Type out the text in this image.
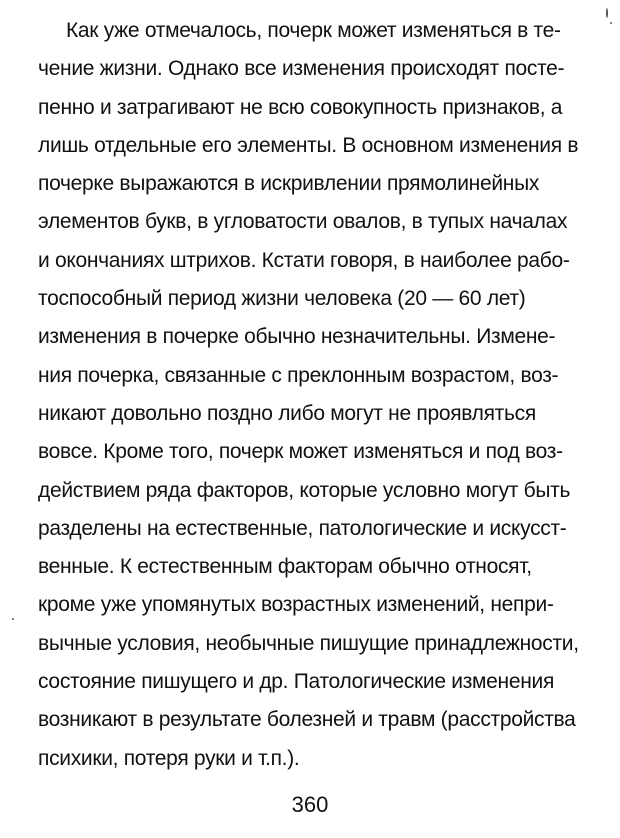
Как уже отмечалось, почерк может изменяться в те-
чение жизни. Однако все изменения происходят посте-
пенно и затрагивают не всю совокупность признаков, а
лишь отдельные его элементы. В основном изменения в
почерке выражаются в искривлении прямолинейных
элементов букв, в угловатости овалов, в тупых началах
и окончаниях штрихов. Кстати говоря, в наиболее рабо-
тоспособный период жизни человека (20 — 60 лет)
изменения в почерке обычно незначительны. Измене-
ния почерка, связанные с преклонным возрастом, воз-
никают довольно поздно либо могут не проявляться
вовсе. Кроме того, почерк может изменяться и под воз-
действием ряда факторов, которые условно могут быть
разделены на естественные, патологические и искусст-
венные. К естественным факторам обычно относят,
кроме уже упомянутых возрастных изменений, непри-
вычные условия, необычные пишущие принадлежности,
состояние пишущего и др. Патологические изменения
возникают в результате болезней и травм (расстройства
психики, потеря руки и т.п.).
360
